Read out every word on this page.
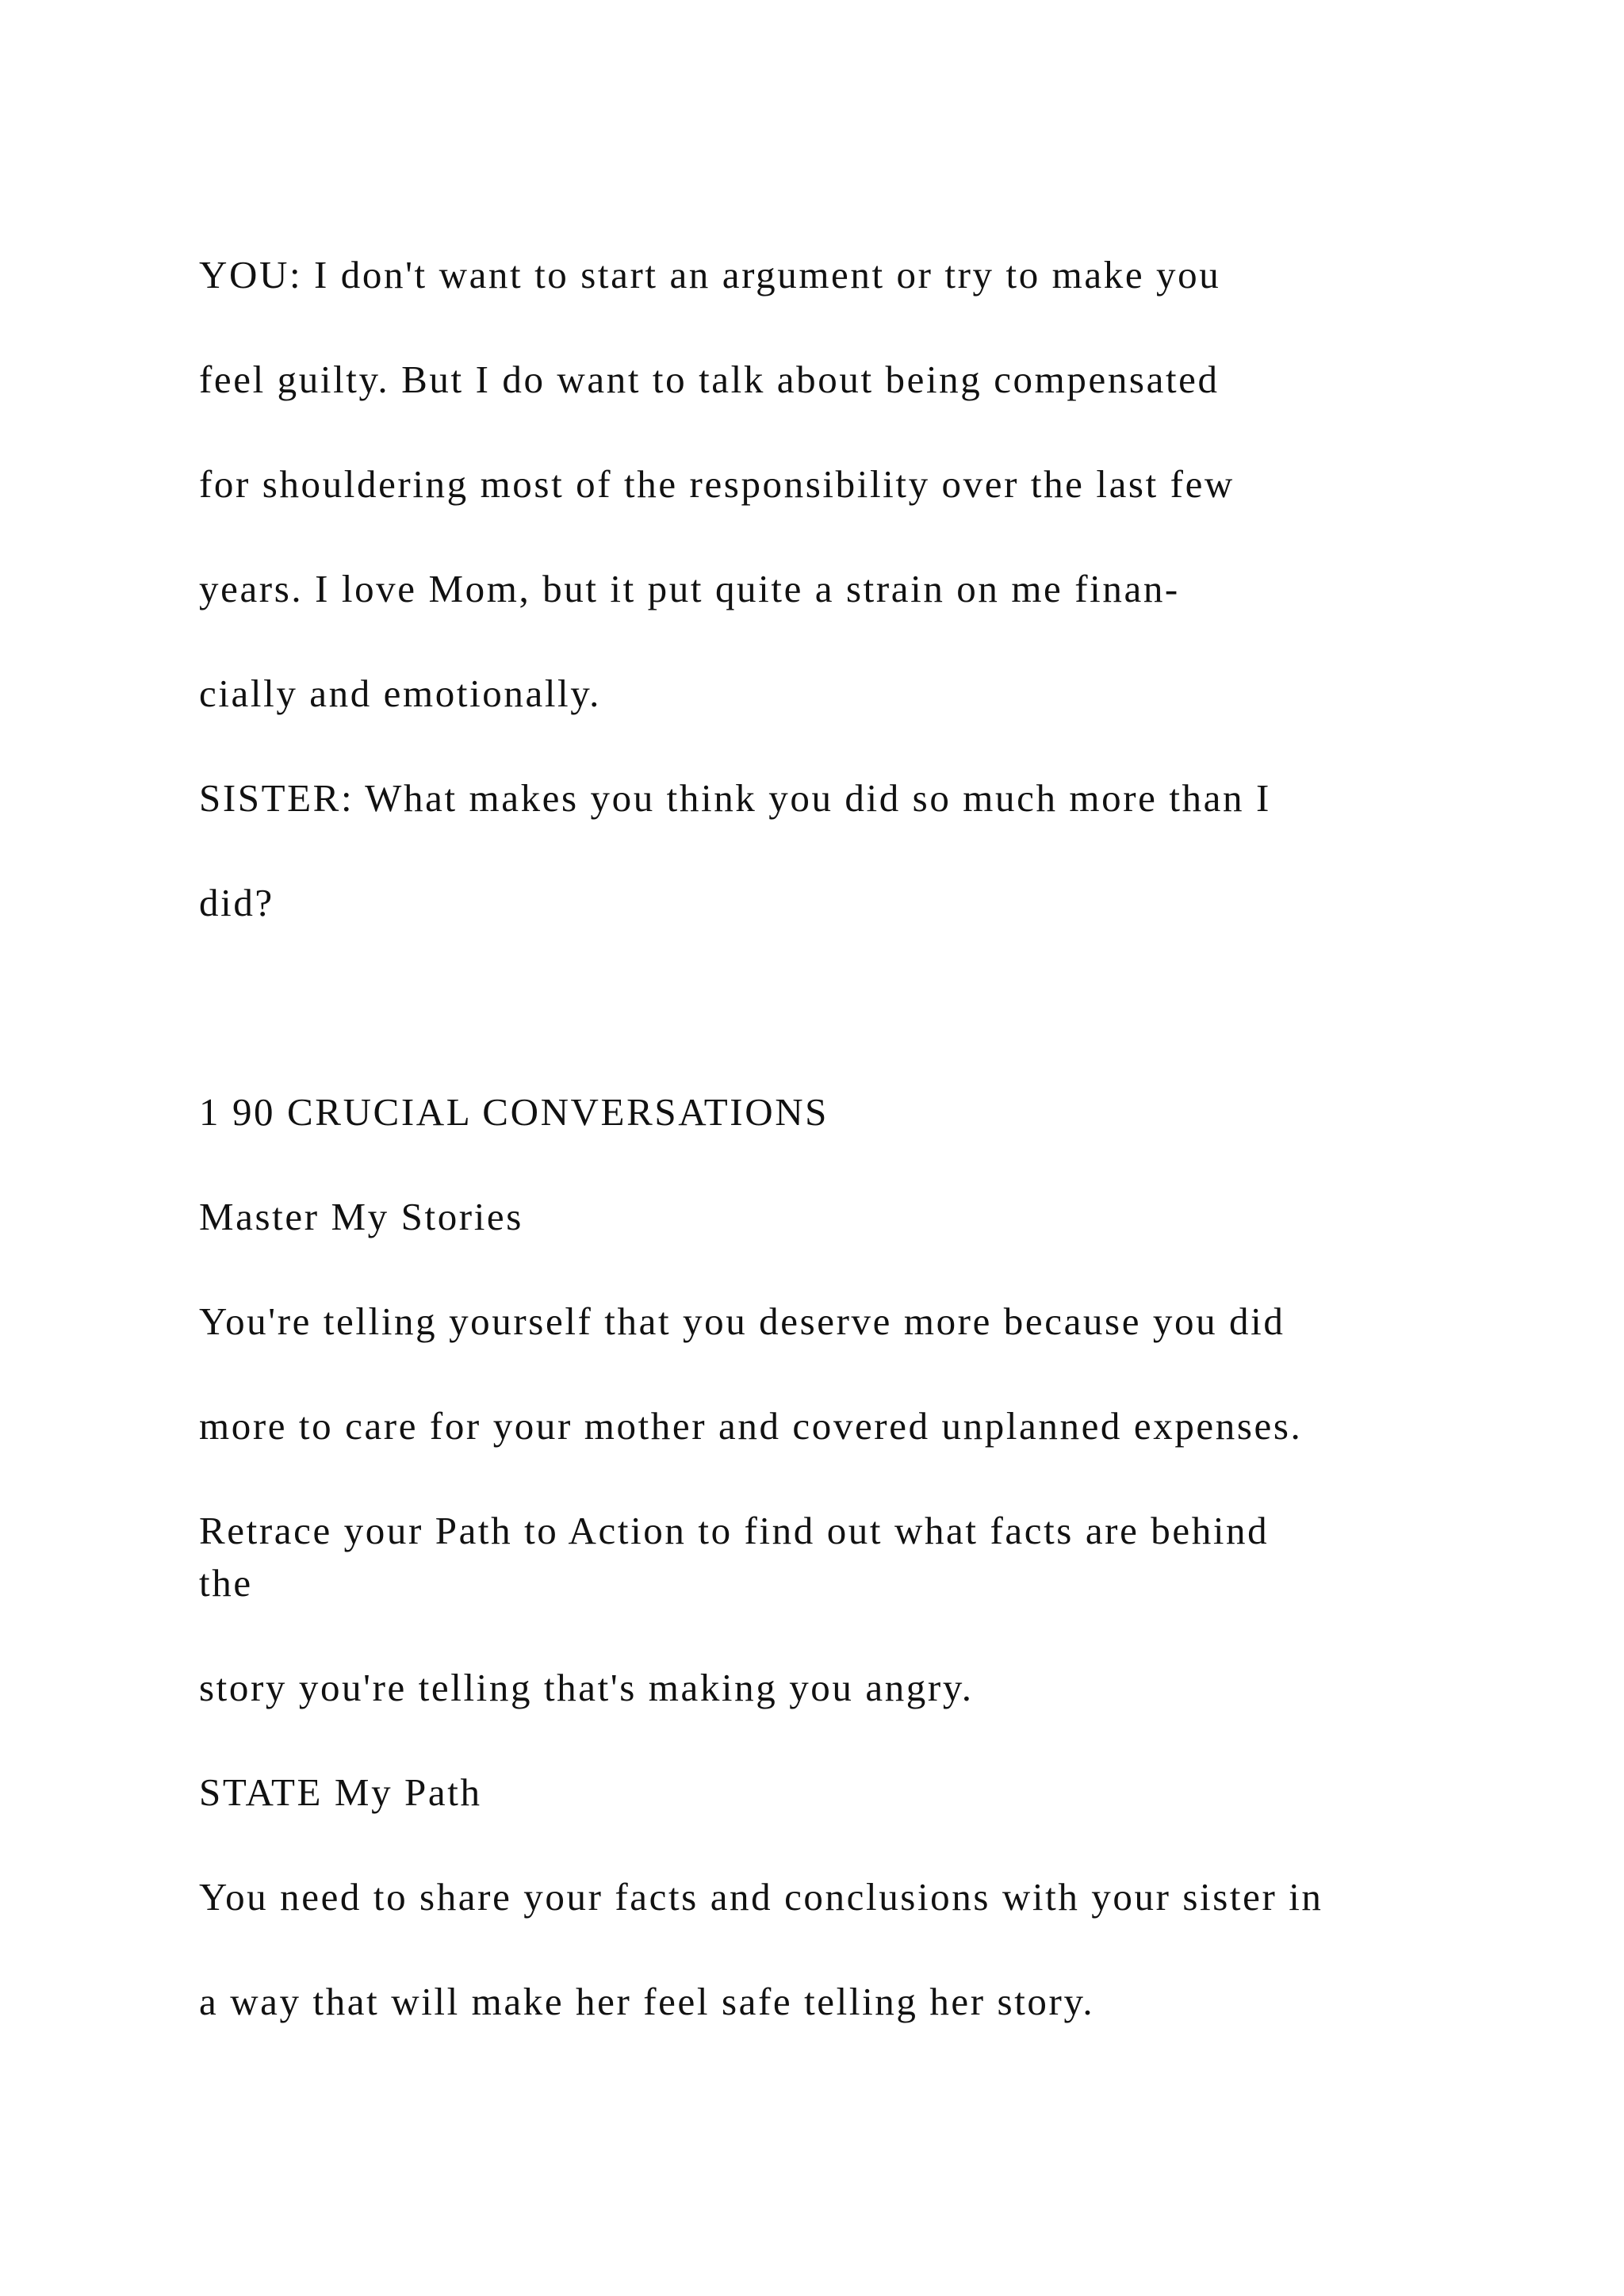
YOU: I don't want to start an argument or try to make you

feel guilty. But I do want to talk about being compensated

for shouldering most of the responsibility over the last few

years. I love Mom, but it put quite a strain on me finan-

cially and emotionally.

SISTER: What makes you think you did so much more than I

did?

1 90 CRUCIAL CONVERSATIONS

Master My Stories

You're telling yourself that you deserve more because you did

more to care for your mother and covered unplanned expenses.

Retrace your Path to Action to find out what facts are behind

the

story you're telling that's making you angry.

STATE My Path

You need to share your facts and conclusions with your sister in

a way that will make her feel safe telling her story.
